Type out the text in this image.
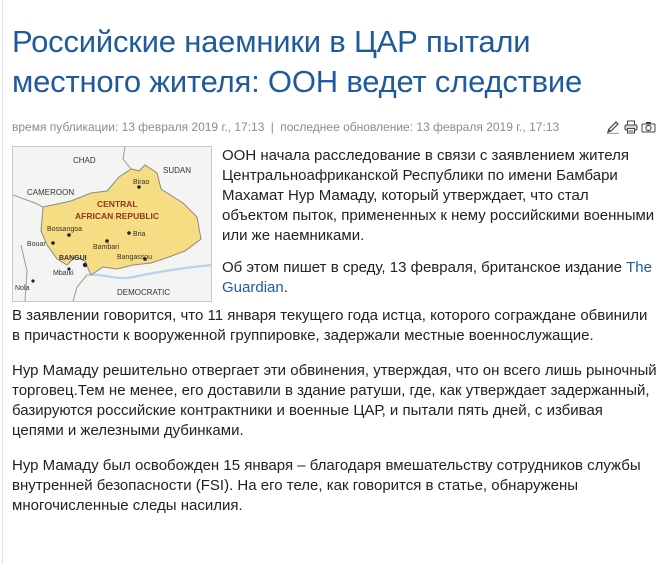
Российские наемники в ЦАР пытали местного жителя: ООН ведет следствие
время публикации: 13 февраля 2019 г., 17:13 | последнее обновление: 13 февраля 2019 г., 17:13
CHAD
SUDAN
CAMEROON
CENTRAL
AFRICAN REPUBLIC
Birao
Bossangoa
Bouar	Bambari
Bria
BANGUI
Mbaïki
Bangassou
Nola	DEMOCRATIC

ООН начала расследование в связи с заявлением жителя Центральноафриканской Республики по имени Бамбари Махамат Нур Мамаду, который утверждает, что стал объектом пыток, примененных к нему российскими военными или же наемниками.

Об этом пишет в среду, 13 февраля, британское издание The Guardian.

В заявлении говорится, что 11 января текущего года истца, которого сограждане обвинили в причастности к вооруженной группировке, задержали местные военнослужащие.

Нур Мамаду решительно отвергает эти обвинения, утверждая, что он всего лишь рыночный торговец.Тем не менее, его доставили в здание ратуши, где, как утверждает задержанный, базируются российские контрактники и военные ЦАР, и пытали пять дней, с избивая цепями и железными дубинками.

Нур Мамаду был освобожден 15 января – благодаря вмешательству сотрудников службы внутренней безопасности (FSI). На его теле, как говорится в статье, обнаружены многочисленные следы насилия.
